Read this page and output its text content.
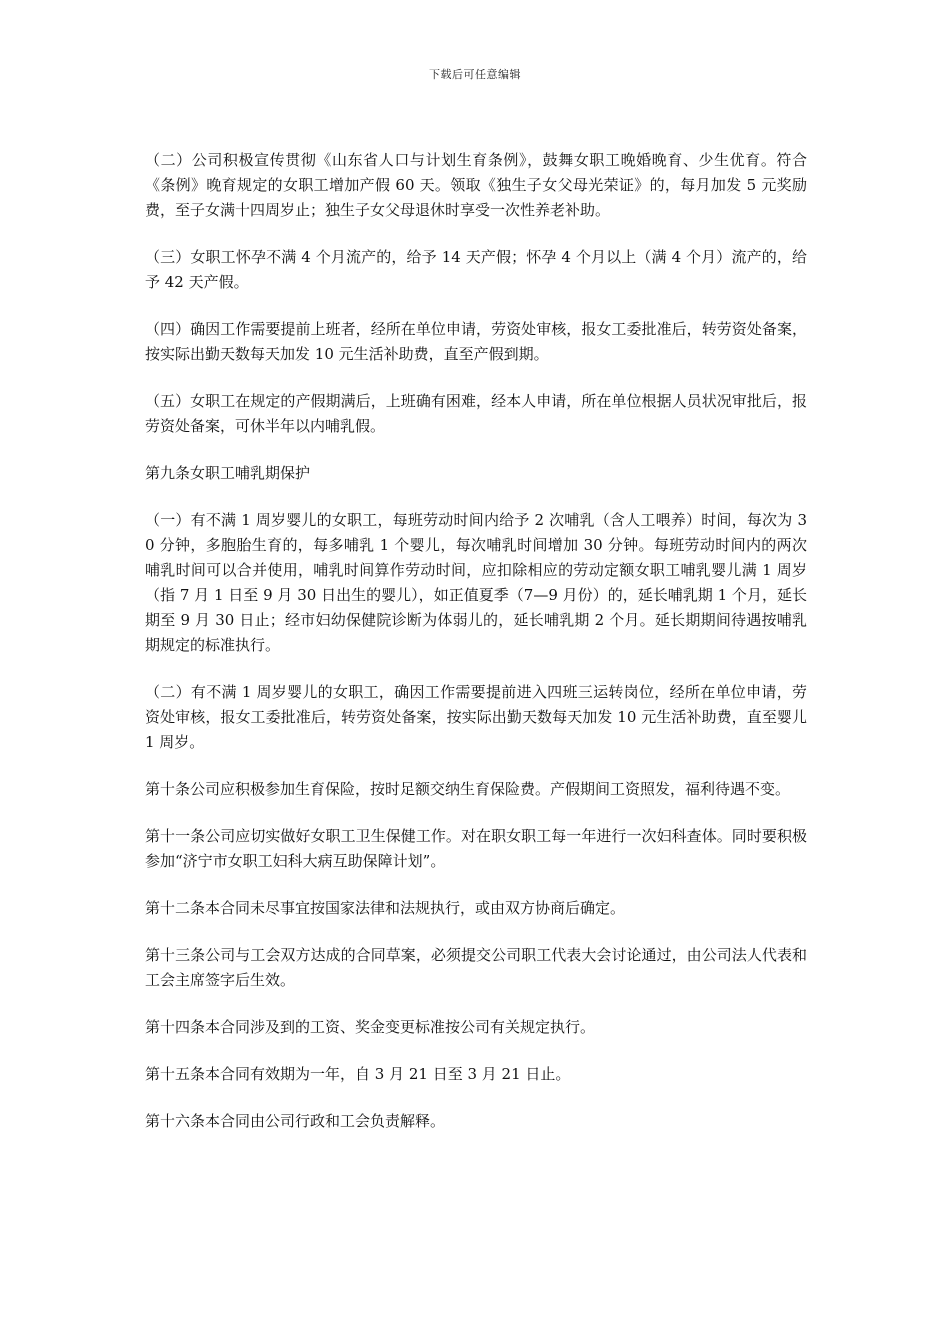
下载后可任意编辑

（二）公司积极宣传贯彻《山东省人口与计划生育条例》，鼓舞女职工晚婚晚育、少生优育。符合《条例》晚育规定的女职工增加产假 60 天。领取《独生子女父母光荣证》的，每月加发 5 元奖励费，至子女满十四周岁止；独生子女父母退休时享受一次性养老补助。

（三）女职工怀孕不满 4 个月流产的，给予 14 天产假；怀孕 4 个月以上（满 4 个月）流产的，给予 42 天产假。

（四）确因工作需要提前上班者，经所在单位申请，劳资处审核，报女工委批准后，转劳资处备案，按实际出勤天数每天加发 10 元生活补助费，直至产假到期。

（五）女职工在规定的产假期满后，上班确有困难，经本人申请，所在单位根据人员状况审批后，报劳资处备案，可休半年以内哺乳假。

第九条女职工哺乳期保护

（一）有不满 1 周岁婴儿的女职工，每班劳动时间内给予 2 次哺乳（含人工喂养）时间，每次为 30 分钟，多胞胎生育的，每多哺乳 1 个婴儿，每次哺乳时间增加 30 分钟。每班劳动时间内的两次哺乳时间可以合并使用，哺乳时间算作劳动时间，应扣除相应的劳动定额女职工哺乳婴儿满 1 周岁（指 7 月 1 日至 9 月 30 日出生的婴儿），如正值夏季（7—9 月份）的，延长哺乳期 1 个月，延长期至 9 月 30 日止；经市妇幼保健院诊断为体弱儿的，延长哺乳期 2 个月。延长期期间待遇按哺乳期规定的标准执行。

（二）有不满 1 周岁婴儿的女职工，确因工作需要提前进入四班三运转岗位，经所在单位申请，劳资处审核，报女工委批准后，转劳资处备案，按实际出勤天数每天加发 10 元生活补助费，直至婴儿 1 周岁。

第十条公司应积极参加生育保险，按时足额交纳生育保险费。产假期间工资照发，福利待遇不变。

第十一条公司应切实做好女职工卫生保健工作。对在职女职工每一年进行一次妇科查体。同时要积极参加“济宁市女职工妇科大病互助保障计划”。

第十二条本合同未尽事宜按国家法律和法规执行，或由双方协商后确定。

第十三条公司与工会双方达成的合同草案，必须提交公司职工代表大会讨论通过，由公司法人代表和工会主席签字后生效。

第十四条本合同涉及到的工资、奖金变更标准按公司有关规定执行。

第十五条本合同有效期为一年，自 3 月 21 日至 3 月 21 日止。

第十六条本合同由公司行政和工会负责解释。
